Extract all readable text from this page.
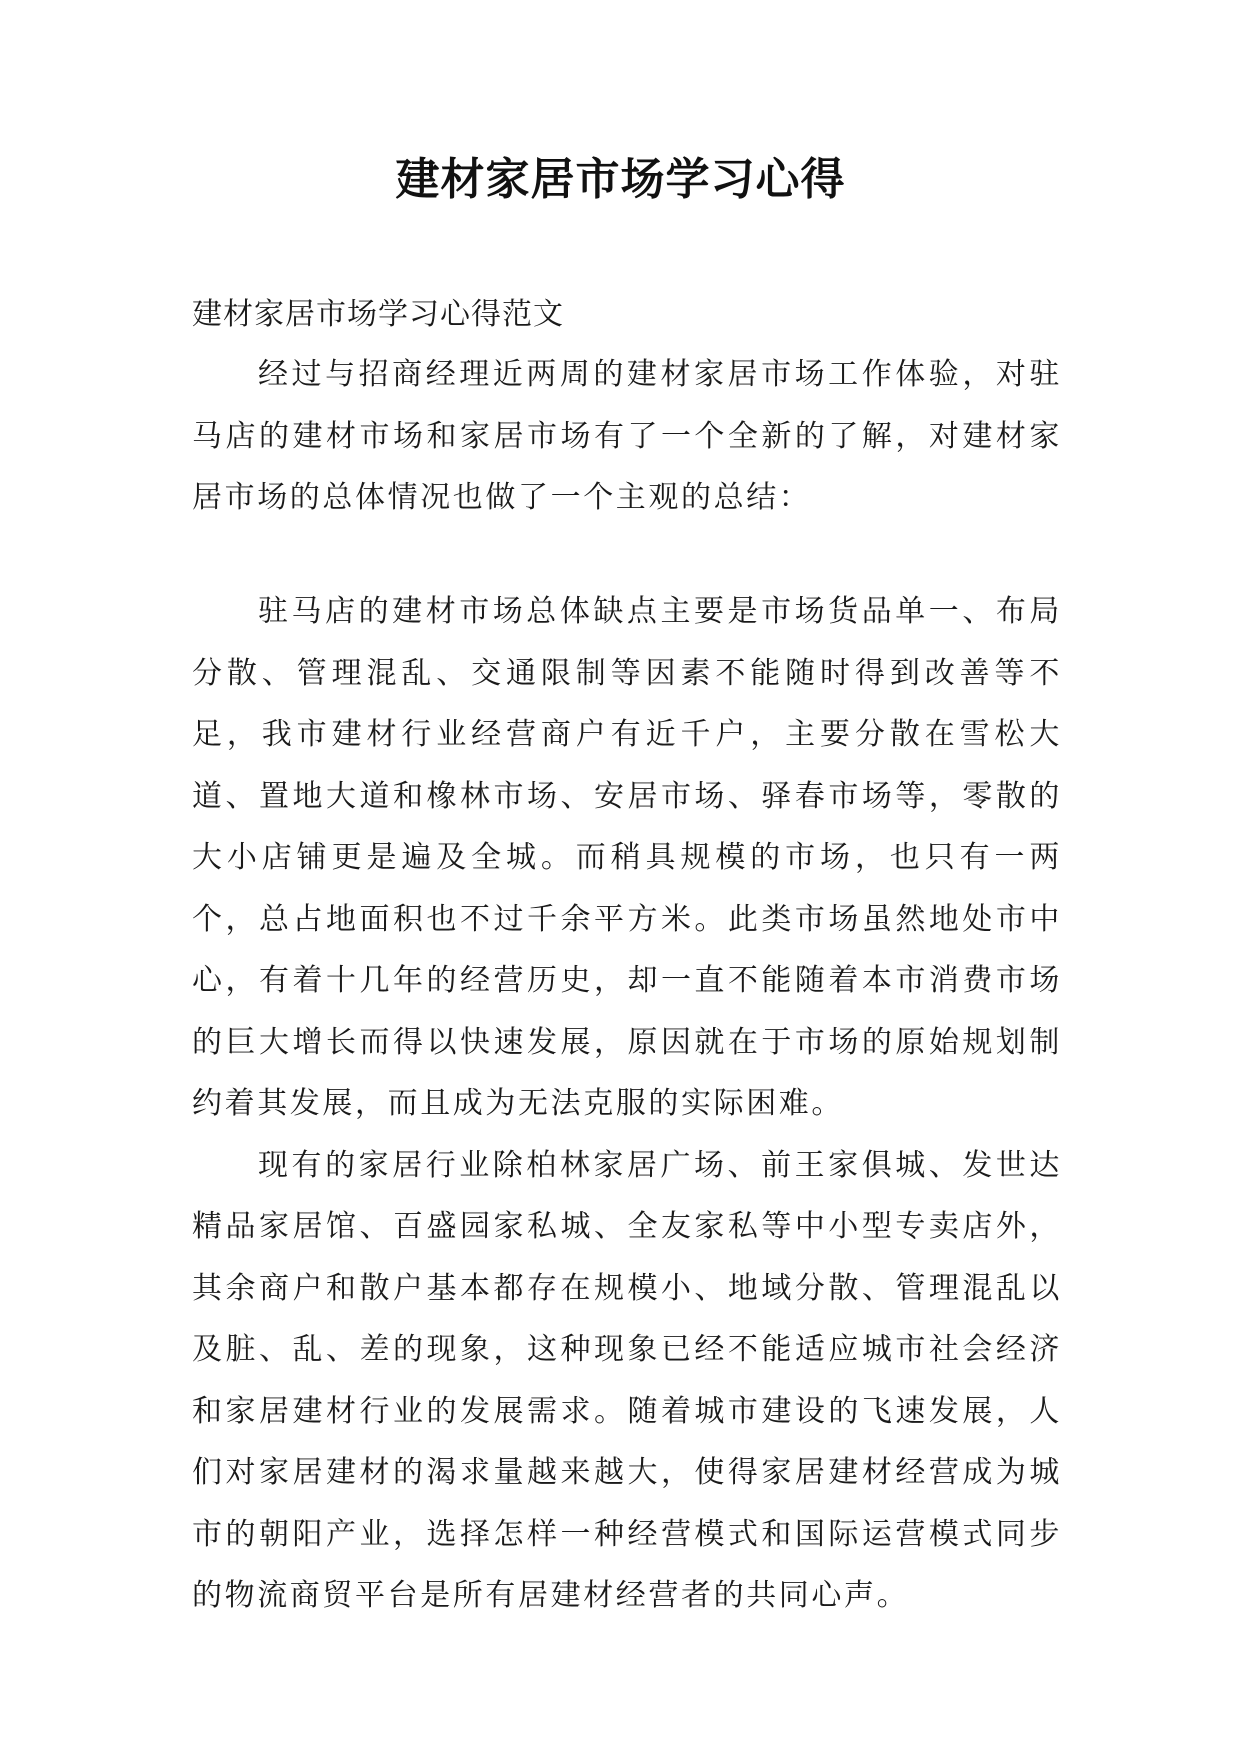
建材家居市场学习心得
建材家居市场学习心得范文

经过与招商经理近两周的建材家居市场工作体验，对驻马店的建材市场和家居市场有了一个全新的了解，对建材家居市场的总体情况也做了一个主观的总结：

驻马店的建材市场总体缺点主要是市场货品单一、布局分散、管理混乱、交通限制等因素不能随时得到改善等不足，我市建材行业经营商户有近千户，主要分散在雪松大道、置地大道和橡林市场、安居市场、驿春市场等，零散的大小店铺更是遍及全城。而稍具规模的市场，也只有一两个，总占地面积也不过千余平方米。此类市场虽然地处市中心，有着十几年的经营历史，却一直不能随着本市消费市场的巨大增长而得以快速发展，原因就在于市场的原始规划制约着其发展，而且成为无法克服的实际困难。

现有的家居行业除柏林家居广场、前王家俱城、发世达精品家居馆、百盛园家私城、全友家私等中小型专卖店外，其余商户和散户基本都存在规模小、地域分散、管理混乱以及脏、乱、差的现象，这种现象已经不能适应城市社会经济和家居建材行业的发展需求。随着城市建设的飞速发展，人们对家居建材的渴求量越来越大，使得家居建材经营成为城市的朝阳产业，选择怎样一种经营模式和国际运营模式同步的物流商贸平台是所有居建材经营者的共同心声。
